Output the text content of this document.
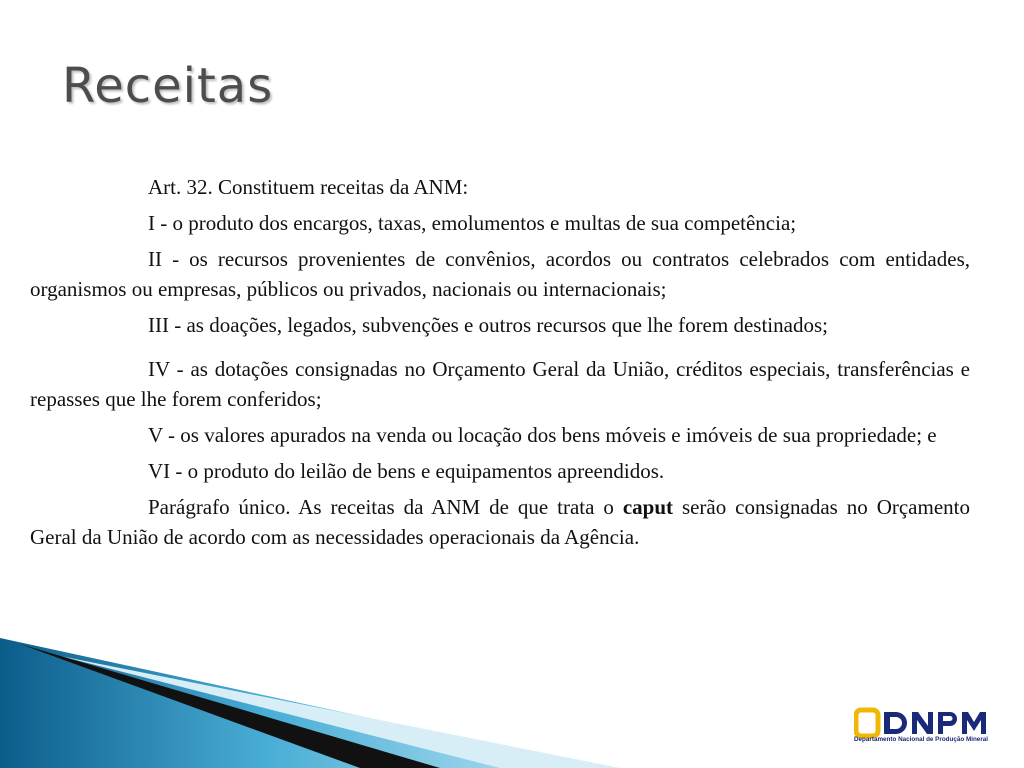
Receitas

Art. 32. Constituem receitas da ANM:

I - o produto dos encargos, taxas, emolumentos e multas de sua competência;

II - os recursos provenientes de convênios, acordos ou contratos celebrados com entidades, organismos ou empresas, públicos ou privados, nacionais ou internacionais;

III - as doações, legados, subvenções e outros recursos que lhe forem destinados;

IV - as dotações consignadas no Orçamento Geral da União, créditos especiais, transferências e repasses que lhe forem conferidos;

V - os valores apurados na venda ou locação dos bens móveis e imóveis de sua propriedade; e

VI - o produto do leilão de bens e equipamentos apreendidos.

Parágrafo único. As receitas da ANM de que trata o caput serão consignadas no Orçamento Geral da União de acordo com as necessidades operacionais da Agência.

Departamento Nacional de Produção Mineral
